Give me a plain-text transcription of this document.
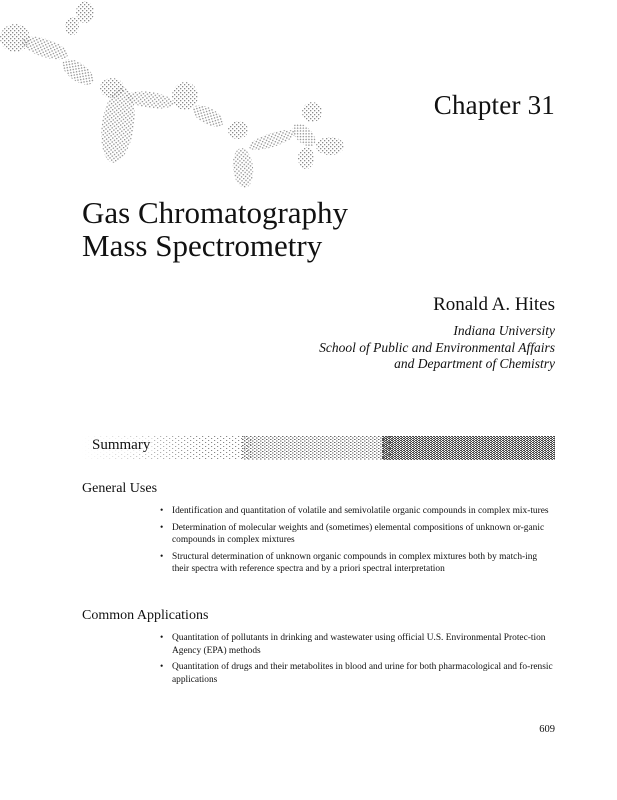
Chapter 31
Gas Chromatography
Mass Spectrometry
Ronald A. Hites
Indiana University
School of Public and Environmental Affairs
and Department of Chemistry
Summary
General Uses
• Identification and quantitation of volatile and semivolatile organic compounds in complex mix-tures
• Determination of molecular weights and (sometimes) elemental compositions of unknown or-ganic compounds in complex mixtures
• Structural determination of unknown organic compounds in complex mixtures both by match-ing their spectra with reference spectra and by a priori spectral interpretation
Common Applications
• Quantitation of pollutants in drinking and wastewater using official U.S. Environmental Protec-tion Agency (EPA) methods
• Quantitation of drugs and their metabolites in blood and urine for both pharmacological and fo-rensic applications
609
